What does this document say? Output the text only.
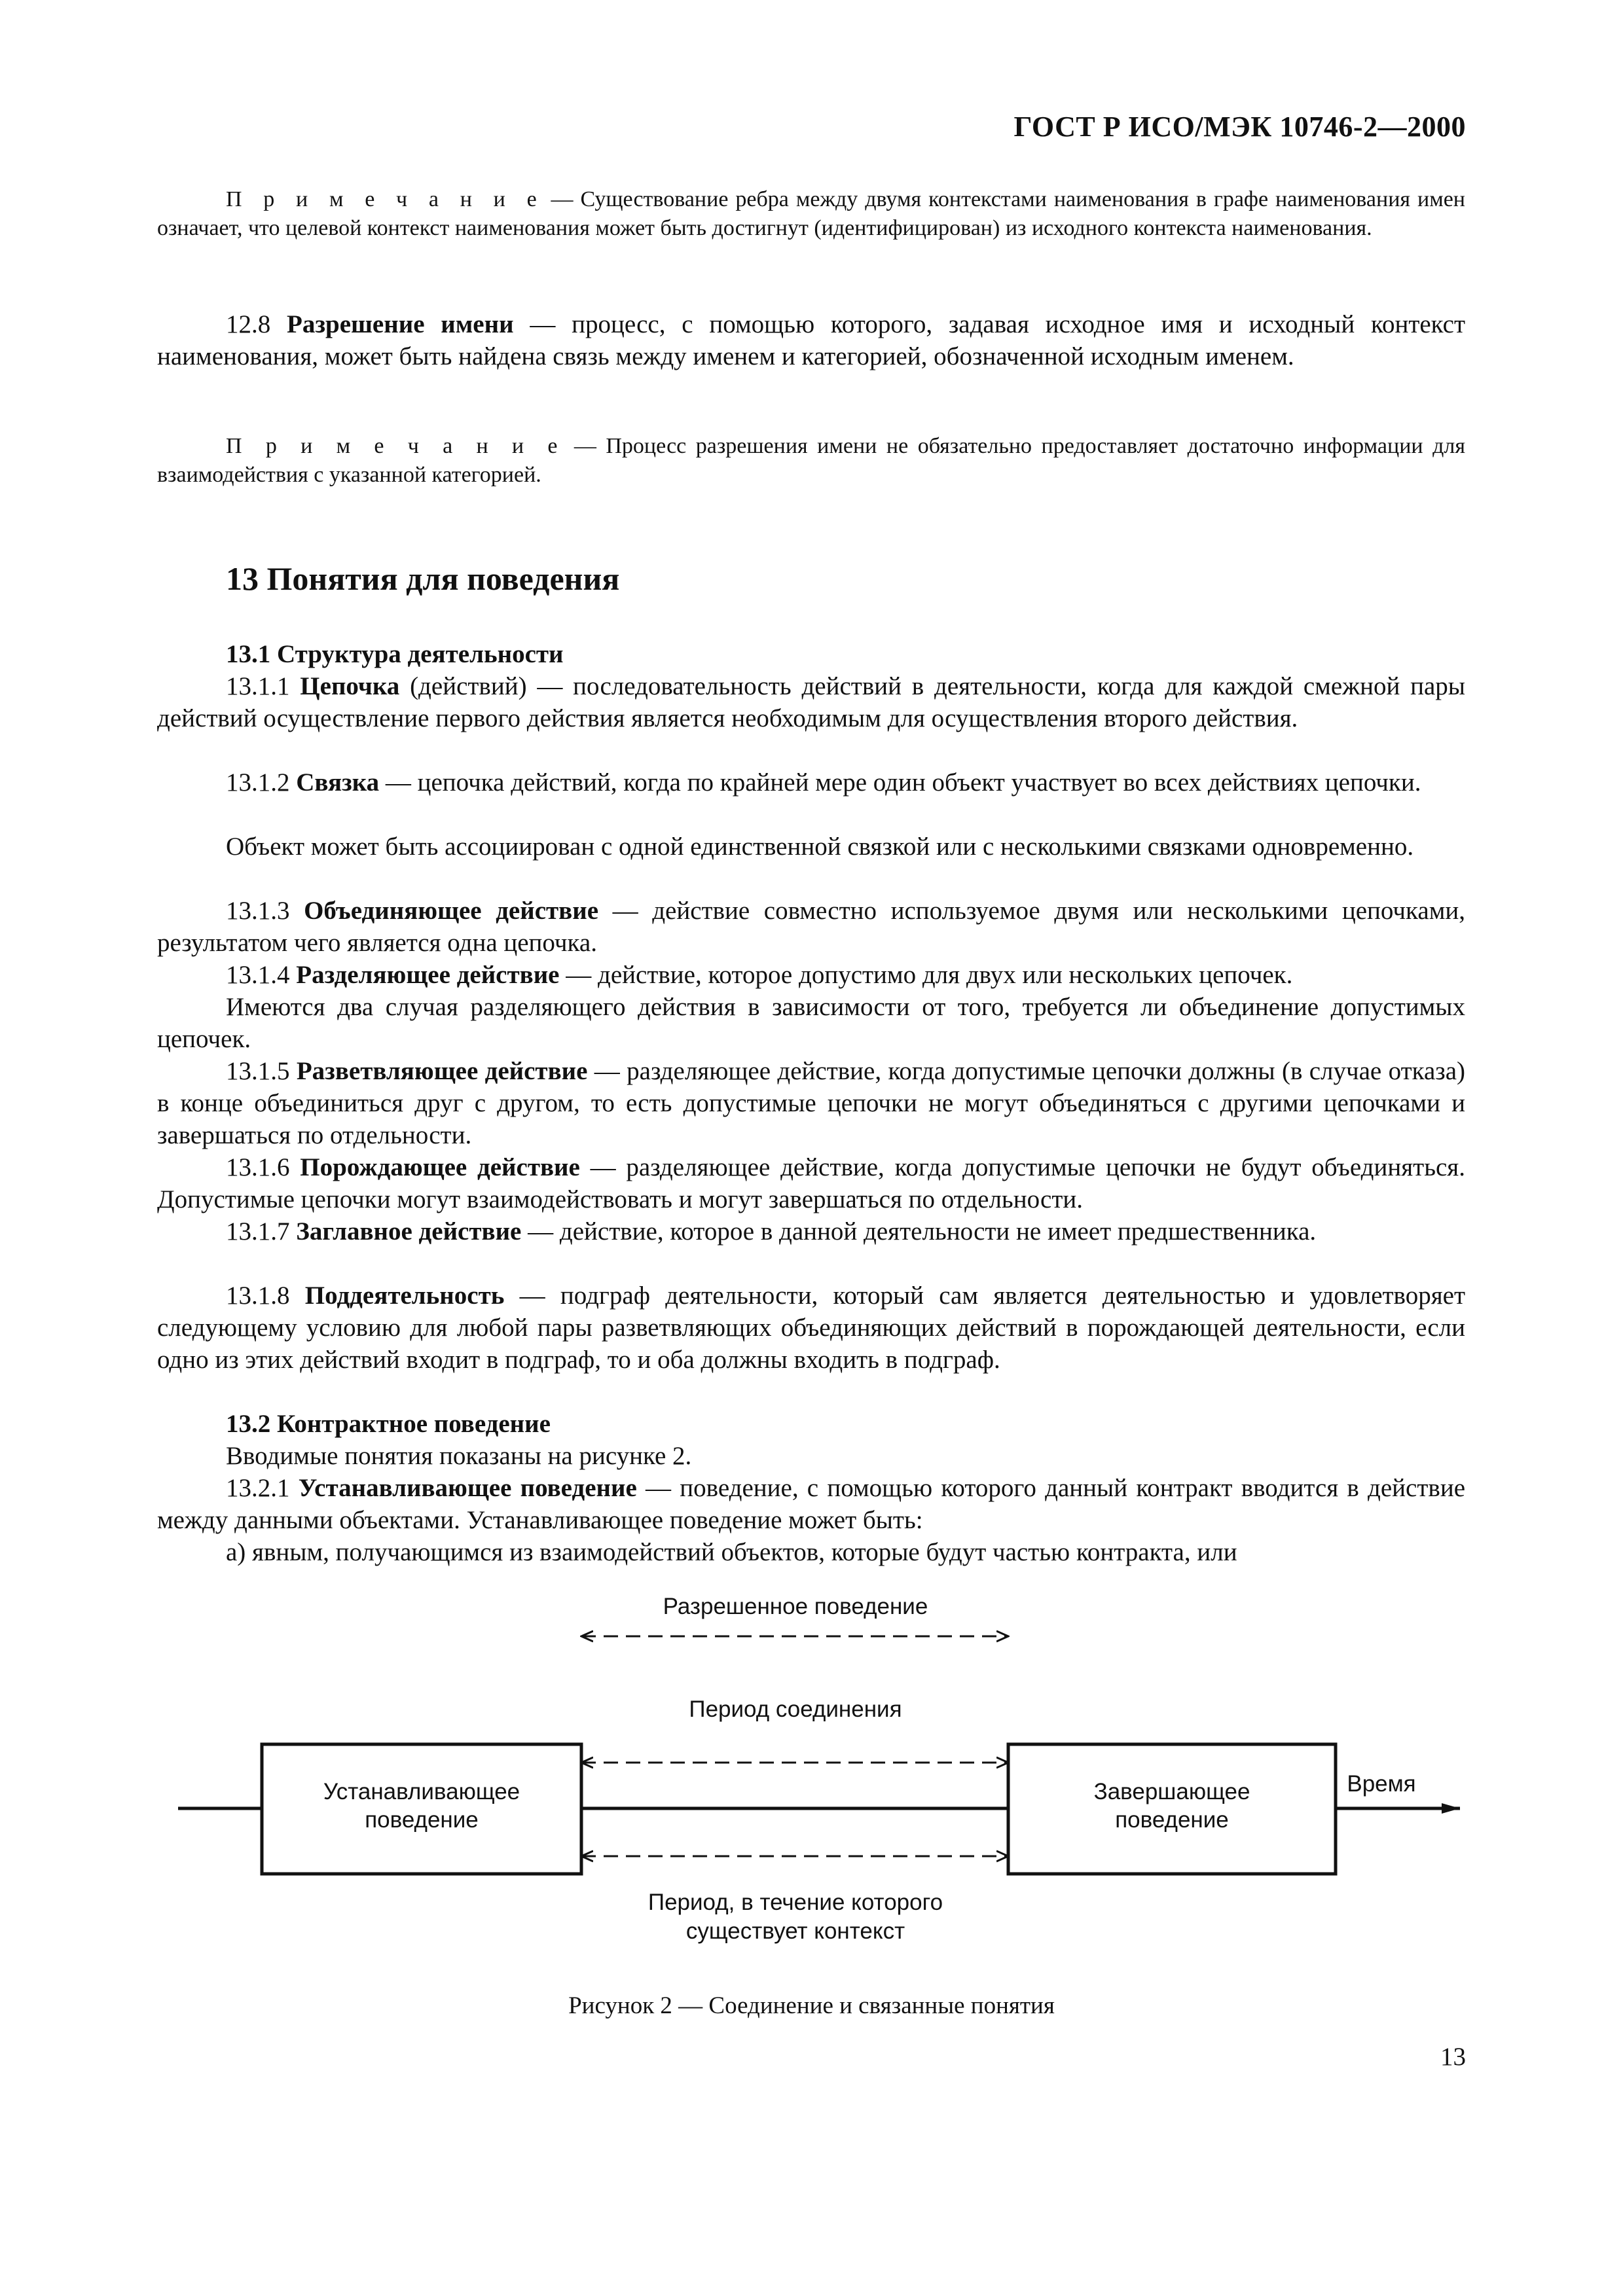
ГОСТ Р ИСО/МЭК 10746-2—2000

П р и м е ч а н и е — Существование ребра между двумя контекстами наименования в графе наименования имен означает, что целевой контекст наименования может быть достигнут (идентифицирован) из исходного контекста наименования.

12.8 Разрешение имени — процесс, с помощью которого, задавая исходное имя и исходный контекст наименования, может быть найдена связь между именем и категорией, обозначенной исходным именем.

П р и м е ч а н и е — Процесс разрешения имени не обязательно предоставляет достаточно информации для взаимодействия с указанной категорией.

13 Понятия для поведения
13.1 Структура деятельности

13.1.1 Цепочка (действий) — последовательность действий в деятельности, когда для каждой смежной пары действий осуществление первого действия является необходимым для осуществления второго действия.

13.1.2 Связка — цепочка действий, когда по крайней мере один объект участвует во всех действиях цепочки.

Объект может быть ассоциирован с одной единственной связкой или с несколькими связками одновременно.

13.1.3 Объединяющее действие — действие совместно используемое двумя или несколькими цепочками, результатом чего является одна цепочка.

13.1.4 Разделяющее действие — действие, которое допустимо для двух или нескольких цепочек.

Имеются два случая разделяющего действия в зависимости от того, требуется ли объединение допустимых цепочек.

13.1.5 Разветвляющее действие — разделяющее действие, когда допустимые цепочки должны (в случае отказа) в конце объединиться друг с другом, то есть допустимые цепочки не могут объединяться с другими цепочками и завершаться по отдельности.

13.1.6 Порождающее действие — разделяющее действие, когда допустимые цепочки не будут объединяться. Допустимые цепочки могут взаимодействовать и могут завершаться по отдельности.

13.1.7 Заглавное действие — действие, которое в данной деятельности не имеет предшественника.

13.1.8 Поддеятельность — подграф деятельности, который сам является деятельностью и удовлетворяет следующему условию для любой пары разветвляющих объединяющих действий в порождающей деятельности, если одно из этих действий входит в подграф, то и оба должны входить в подграф.

13.2 Контрактное поведение

Вводимые понятия показаны на рисунке 2.

13.2.1 Устанавливающее поведение — поведение, с помощью которого данный контракт вводится в действие между данными объектами. Устанавливающее поведение может быть:

а) явным, получающимся из взаимодействий объектов, которые будут частью контракта, или

Разрешенное поведение
Период соединения
Время
Устанавливающее
поведение
Завершающее
поведение
Период, в течение которого
существует контекст
Рисунок 2 — Соединение и связанные понятия
13
